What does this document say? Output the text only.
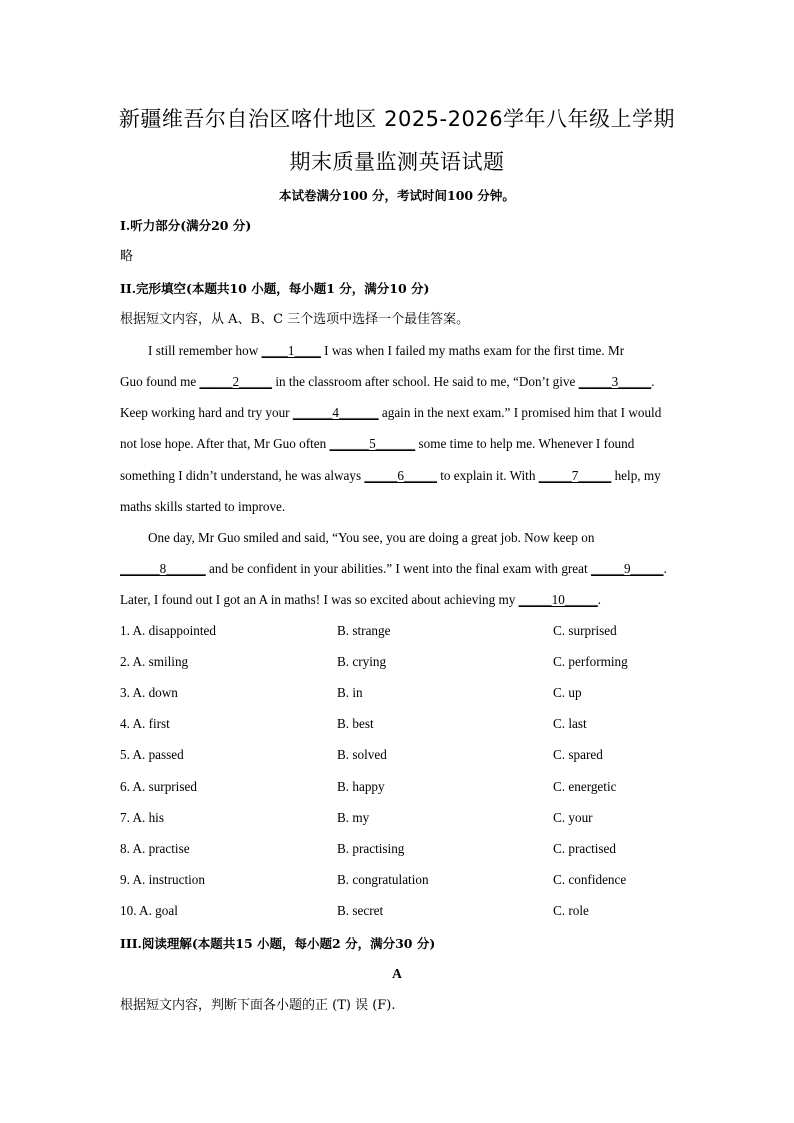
新疆维吾尔自治区喀什地区 2025-2026学年八年级上学期
期末质量监测英语试题
本试卷满分100 分，考试时间100 分钟。
I.听力部分(满分20 分)
略
II.完形填空(本题共10 小题，每小题1 分，满分10 分)
根据短文内容，从 A、B、C 三个选项中选择一个最佳答案。
I still remember how ____1____ I was when I failed my maths exam for the first time. Mr
Guo found me _____2_____ in the classroom after school. He said to me, “Don’t give _____3_____.
Keep working hard and try your ______4______ again in the next exam.” I promised him that I would
not lose hope. After that, Mr Guo often ______5______ some time to help me. Whenever I found
something I didn’t understand, he was always _____6_____ to explain it. With _____7_____ help, my
maths skills started to improve.
One day, Mr Guo smiled and said, “You see, you are doing a great job. Now keep on
______8______ and be confident in your abilities.” I went into the final exam with great _____9_____.
Later, I found out I got an A in maths! I was so excited about achieving my _____10_____.
1. A. disappointed	B. strange	C. surprised
2. A. smiling	B. crying	C. performing
3. A. down	B. in	C. up
4. A. first	B. best	C. last
5. A. passed	B. solved	C. spared
6. A. surprised	B. happy	C. energetic
7. A. his	B. my	C. your
8. A. practise	B. practising	C. practised
9. A. instruction	B. congratulation	C. confidence
10. A. goal	B. secret	C. role
III.阅读理解(本题共15 小题，每小题2 分，满分30 分)
A
根据短文内容，判断下面各小题的正 (T) 误 (F).
